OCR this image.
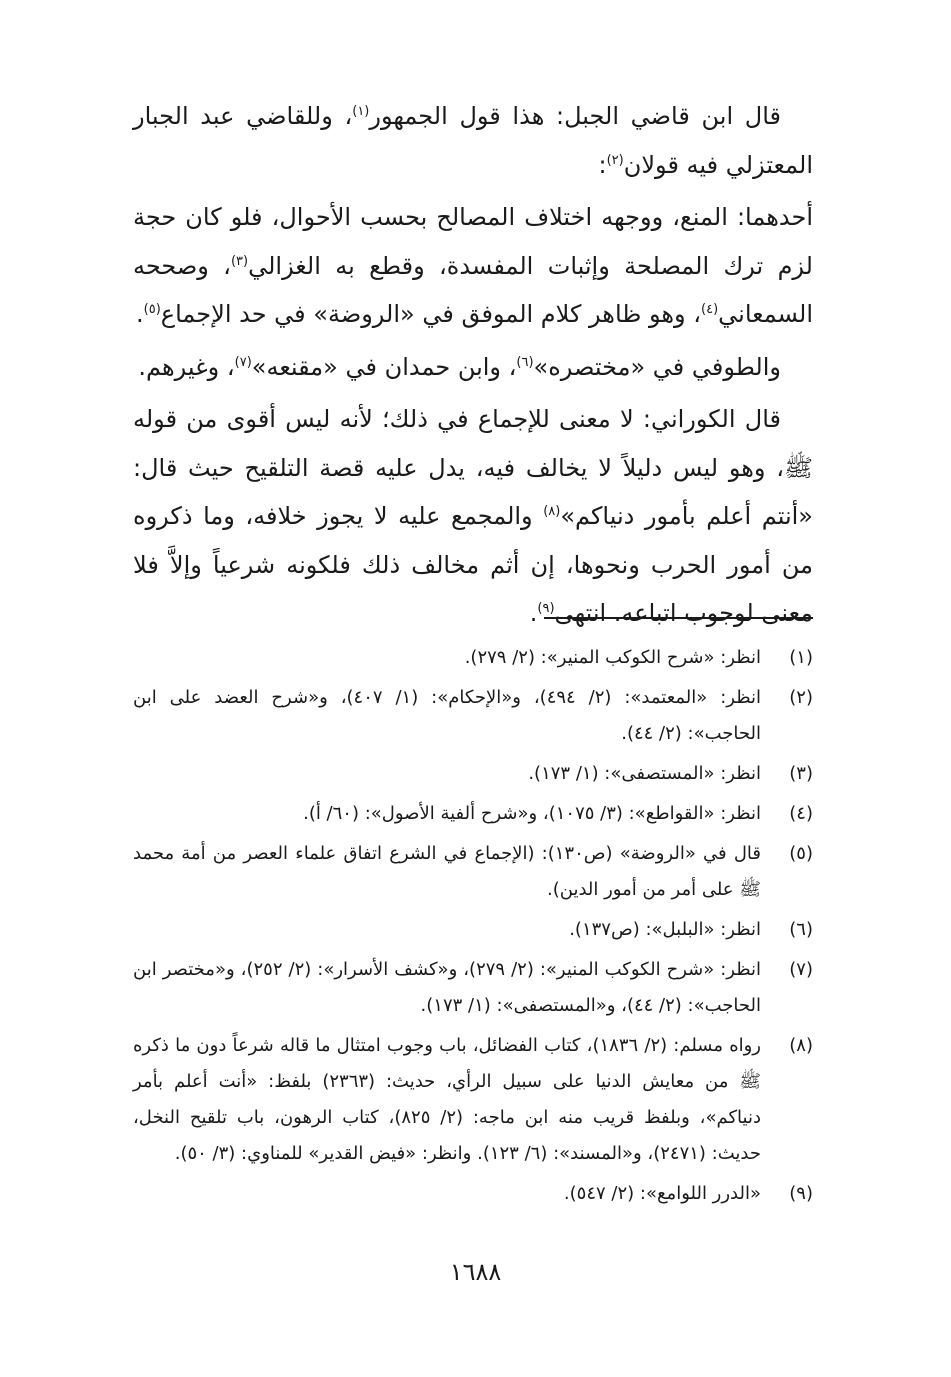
قال ابن قاضي الجبل: هذا قول الجمهور$^{(١)}$، وللقاضي عبد الجبار المعتزلي فيه قولان$^{(٢)}$:

أحدهما: المنع، ووجهه اختلاف المصالح بحسب الأحوال، فلو كان حجة لزم ترك المصلحة وإثبات المفسدة، وقطع به الغزالي$^{(٣)}$، وصححه السمعاني$^{(٤)}$، وهو ظاهر كلام الموفق في «الروضة» في حد الإجماع$^{(٥)}$.

والطوفي في «مختصره»$^{(٦)}$، وابن حمدان في «مقنعه»$^{(٧)}$، وغيرهم.

قال الكوراني: لا معنى للإجماع في ذلك؛ لأنه ليس أقوى من قوله ﷺ، وهو ليس دليلاً لا يخالف فيه، يدل عليه قصة التلقيح حيث قال: «أنتم أعلم بأمور دنياكم»$^{(٨)}$ والمجمع عليه لا يجوز خلافه، وما ذكروه من أمور الحرب ونحوها، إن أثم مخالف ذلك فلكونه شرعياً وإلاَّ فلا معنى لوجوب اتباعه. انتهى$^{(٩)}$.

(١)
انظر: «شرح الكوكب المنير»: (٢/ ٢٧٩).
(٢)
انظر: «المعتمد»: (٢/ ٤٩٤)، و«الإحكام»: (١/ ٤٠٧)، و«شرح العضد على ابن الحاجب»: (٢/ ٤٤).
(٣)
انظر: «المستصفى»: (١/ ١٧٣).
(٤)
انظر: «القواطع»: (٣/ ١٠٧٥)، و«شرح ألفية الأصول»: (٦٠/ أ).
(٥)
قال في «الروضة» (ص١٣٠): (الإجماع في الشرع اتفاق علماء العصر من أمة محمد ﷺ على أمر من أمور الدين).
(٦)
انظر: «البلبل»: (ص١٣٧).
(٧)
انظر: «شرح الكوكب المنير»: (٢/ ٢٧٩)، و«كشف الأسرار»: (٢/ ٢٥٢)، و«مختصر ابن الحاجب»: (٢/ ٤٤)، و«المستصفى»: (١/ ١٧٣).
(٨)
رواه مسلم: (٢/ ١٨٣٦)، كتاب الفضائل، باب وجوب امتثال ما قاله شرعاً دون ما ذكره ﷺ من معايش الدنيا على سبيل الرأي، حديث: (٢٣٦٣) بلفظ: «أنت أعلم بأمر دنياكم»، وبلفظ قريب منه ابن ماجه: (٢/ ٨٢٥)، كتاب الرهون، باب تلقيح النخل، حديث: (٢٤٧١)، و«المسند»: (٦/ ١٢٣). وانظر: «فيض القدير» للمناوي: (٣/ ٥٠).
(٩)
«الدرر اللوامع»: (٢/ ٥٤٧).
١٦٨٨
